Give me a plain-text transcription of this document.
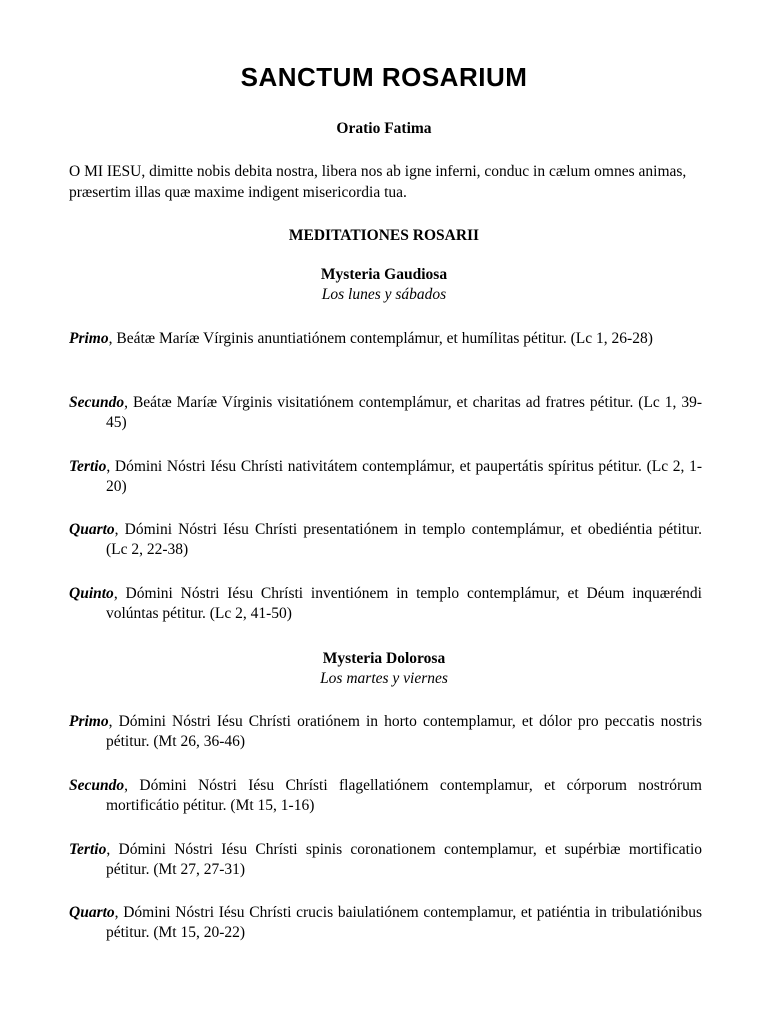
SANCTUM ROSARIUM
Oratio Fatima
O MI IESU, dimitte nobis debita nostra, libera nos ab igne inferni, conduc in cælum omnes animas, præsertim illas quæ maxime indigent misericordia tua.
MEDITATIONES ROSARII
Mysteria Gaudiosa
Los lunes y sábados
Primo, Beátæ Maríæ Vírginis anuntiatiónem contemplámur, et humílitas pétitur. (Lc 1, 26-28)
Secundo, Beátæ Maríæ Vírginis visitatiónem contemplámur, et charitas ad fratres pétitur. (Lc 1, 39-45)
Tertio, Dómini Nóstri Iésu Chrísti nativitátem contemplámur, et paupertátis spíritus pétitur. (Lc 2, 1-20)
Quarto, Dómini Nóstri Iésu Chrísti presentatiónem in templo contemplámur, et obediéntia pétitur. (Lc 2, 22-38)
Quinto, Dómini Nóstri Iésu Chrísti inventiónem in templo contemplámur, et Déum inquæréndi volúntas pétitur. (Lc 2, 41-50)
Mysteria Dolorosa
Los martes y viernes
Primo, Dómini Nóstri Iésu Chrísti oratiónem in horto contemplamur, et dólor pro peccatis nostris pétitur. (Mt 26, 36-46)
Secundo, Dómini Nóstri Iésu Chrísti flagellatiónem contemplamur, et córporum nostrórum mortificátio pétitur. (Mt 15, 1-16)
Tertio, Dómini Nóstri Iésu Chrísti spinis coronationem contemplamur, et supérbiæ mortificatio pétitur. (Mt 27, 27-31)
Quarto, Dómini Nóstri Iésu Chrísti crucis baiulatiónem contemplamur, et patiéntia in tribulatiónibus pétitur. (Mt 15, 20-22)
